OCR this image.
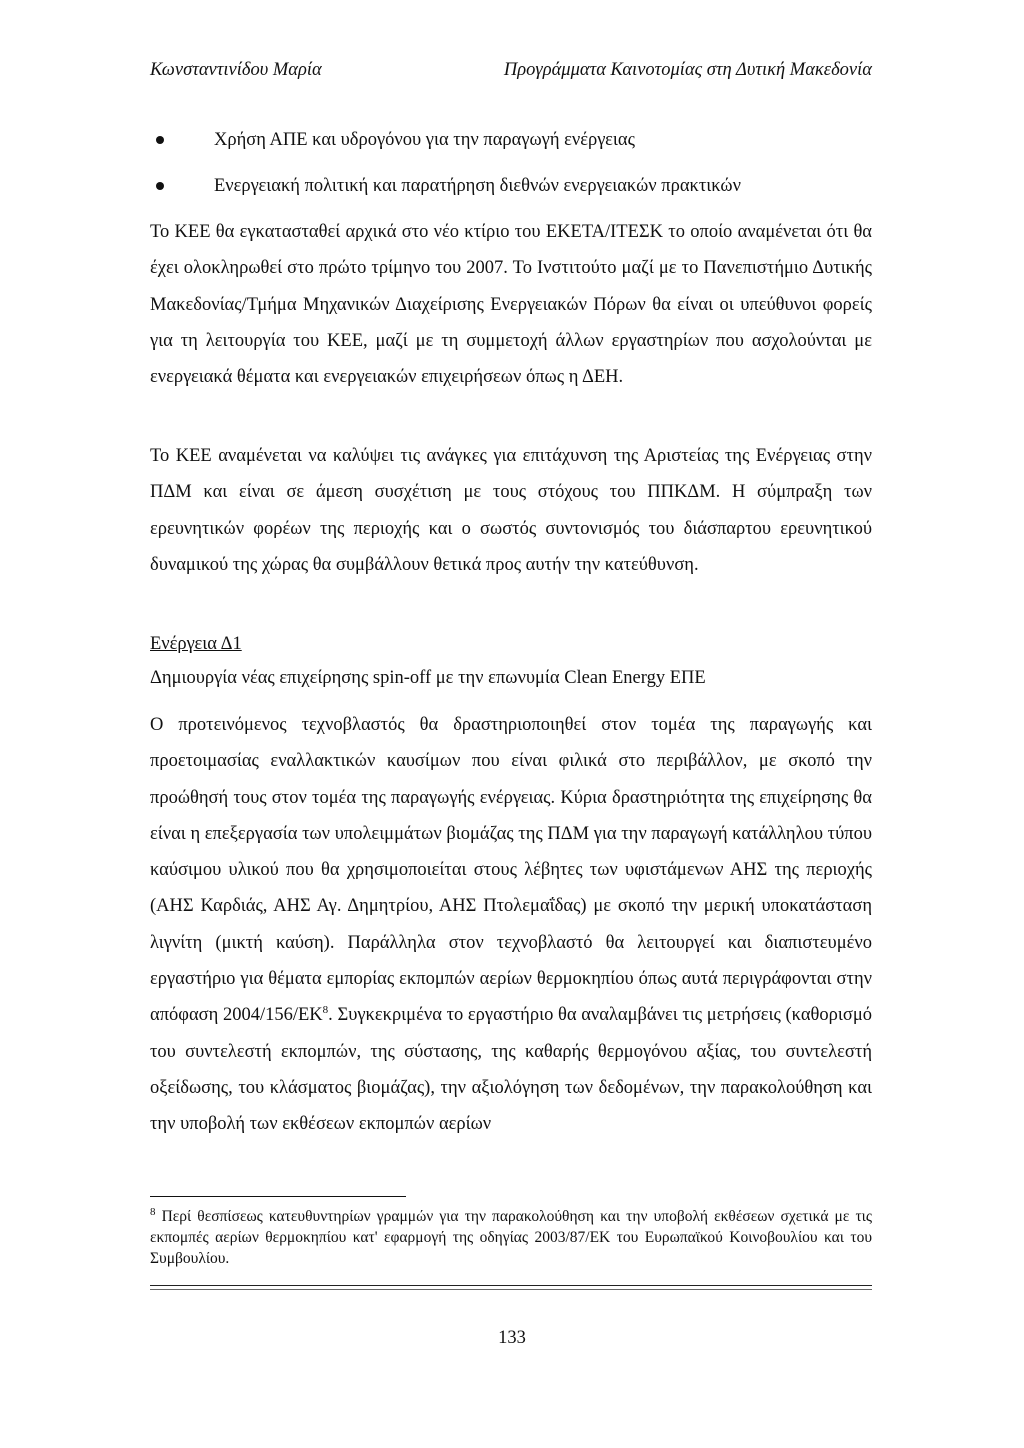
Κωνσταντινίδου Μαρία	Προγράμματα Καινοτομίας στη Δυτική Μακεδονία
Χρήση ΑΠΕ και υδρογόνου για την παραγωγή ενέργειας
Ενεργειακή πολιτική και παρατήρηση διεθνών ενεργειακών πρακτικών

Το ΚΕΕ θα εγκατασταθεί αρχικά στο νέο κτίριο του ΕΚΕΤΑ/ΙΤΕΣΚ το οποίο αναμένεται ότι θα έχει ολοκληρωθεί στο πρώτο τρίμηνο του 2007. Το Ινστιτούτο μαζί με το Πανεπιστήμιο Δυτικής Μακεδονίας/Τμήμα Μηχανικών Διαχείρισης Ενεργειακών Πόρων θα είναι οι υπεύθυνοι φορείς για τη λειτουργία του ΚΕΕ, μαζί με τη συμμετοχή άλλων εργαστηρίων που ασχολούνται με ενεργειακά θέματα και ενεργειακών επιχειρήσεων όπως η ΔΕΗ.

Το ΚΕΕ αναμένεται να καλύψει τις ανάγκες για επιτάχυνση της Αριστείας της Ενέργειας στην ΠΔΜ και είναι σε άμεση συσχέτιση με τους στόχους του ΠΠΚΔΜ. Η σύμπραξη των ερευνητικών φορέων της περιοχής και ο σωστός συντονισμός του διάσπαρτου ερευνητικού δυναμικού της χώρας θα συμβάλλουν θετικά προς αυτήν την κατεύθυνση.

Ενέργεια Δ1

Δημιουργία νέας επιχείρησης spin-off με την επωνυμία Clean Energy ΕΠΕ

Ο προτεινόμενος τεχνοβλαστός θα δραστηριοποιηθεί στον τομέα της παραγωγής και προετοιμασίας εναλλακτικών καυσίμων που είναι φιλικά στο περιβάλλον, με σκοπό την προώθησή τους στον τομέα της παραγωγής ενέργειας. Κύρια δραστηριότητα της επιχείρησης θα είναι η επεξεργασία των υπολειμμάτων βιομάζας της ΠΔΜ για την παραγωγή κατάλληλου τύπου καύσιμου υλικού που θα χρησιμοποιείται στους λέβητες των υφιστάμενων ΑΗΣ της περιοχής (ΑΗΣ Καρδιάς, ΑΗΣ Αγ. Δημητρίου, ΑΗΣ Πτολεμαΐδας) με σκοπό την μερική υποκατάσταση λιγνίτη (μικτή καύση). Παράλληλα στον τεχνοβλαστό θα λειτουργεί και διαπιστευμένο εργαστήριο για θέματα εμπορίας εκπομπών αερίων θερμοκηπίου όπως αυτά περιγράφονται στην απόφαση $2004/156/EK^8$. Συγκεκριμένα το εργαστήριο θα αναλαμβάνει τις μετρήσεις (καθορισμό του συντελεστή εκπομπών, της σύστασης, της καθαρής θερμογόνου αξίας, του συντελεστή οξείδωσης, του κλάσματος βιομάζας), την αξιολόγηση των δεδομένων, την παρακολούθηση και την υποβολή των εκθέσεων εκπομπών αερίων

$^8$ Περί θεσπίσεως κατευθυντηρίων γραμμών για την παρακολούθηση και την υποβολή εκθέσεων σχετικά με τις εκπομπές αερίων θερμοκηπίου κατ' εφαρμογή της οδηγίας 2003/87/ΕΚ του Ευρωπαϊκού Κοινοβουλίου και του Συμβουλίου.

133
